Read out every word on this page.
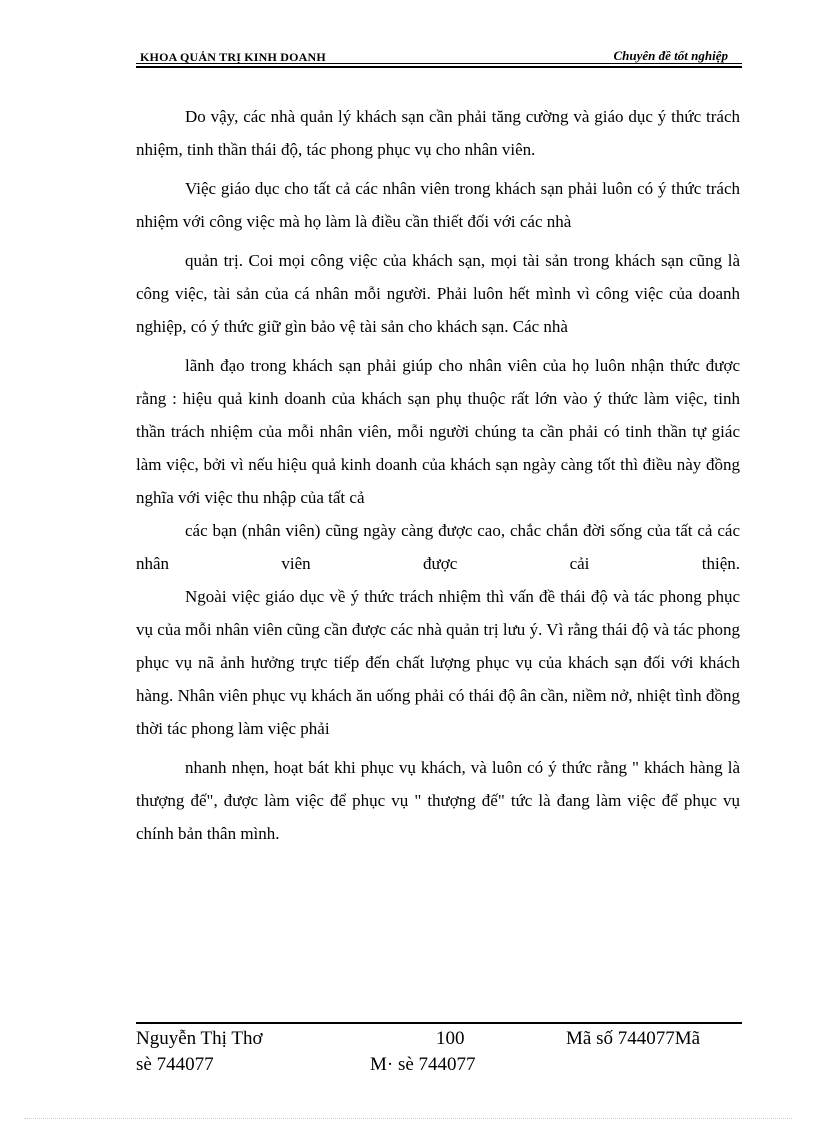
KHOA QUẢN TRỊ KINH DOANH	Chuyên đề tốt nghiệp

Do vậy, các nhà quản lý khách sạn cần phải tăng cường và giáo dục ý thức trách nhiệm, tinh thần thái độ, tác phong phục vụ cho nhân viên.

Việc giáo dục cho tất cả các nhân viên trong khách sạn phải luôn có ý thức trách nhiệm với công việc mà họ làm là điều cần thiết đối với các nhà

quản trị. Coi mọi công việc của khách sạn, mọi tài sản trong khách sạn cũng là công việc, tài sản của cá nhân mỗi người. Phải luôn hết mình vì công việc của doanh nghiệp, có ý thức giữ gìn bảo vệ tài sản cho khách sạn. Các nhà

lãnh đạo trong khách sạn phải giúp cho nhân viên của họ luôn nhận thức được rằng : hiệu quả kinh doanh của khách sạn phụ thuộc rất lớn vào ý thức làm việc, tinh thần trách nhiệm của mỗi nhân viên, mỗi người chúng ta cần phải có tinh thần tự giác làm việc, bởi vì nếu hiệu quả kinh doanh của khách sạn ngày càng tốt thì điều này đồng nghĩa với việc thu nhập của tất cả

các bạn (nhân viên) cũng ngày càng được cao, chắc chắn đời sống của tất cả các nhân viên được cải thiện.

Ngoài việc giáo dục về ý thức trách nhiệm thì vấn đề thái độ và tác phong phục vụ của mỗi nhân viên cũng cần được các nhà quản trị lưu ý. Vì rằng thái độ và tác phong phục vụ nã ảnh hưởng trực tiếp đến chất lượng phục vụ của khách sạn đối với khách hàng. Nhân viên phục vụ khách ăn uống phải có thái độ ân cần, niềm nở, nhiệt tình đồng thời tác phong làm việc phải

nhanh nhẹn, hoạt bát khi phục vụ khách, và luôn có ý thức rằng " khách hàng là thượng đế", được làm việc để phục vụ " thượng đế" tức là đang làm việc để phục vụ chính bản thân mình.

Nguyễn Thị Thơ	100	Mã số 744077Mã
sè 744077	M· sè 744077
